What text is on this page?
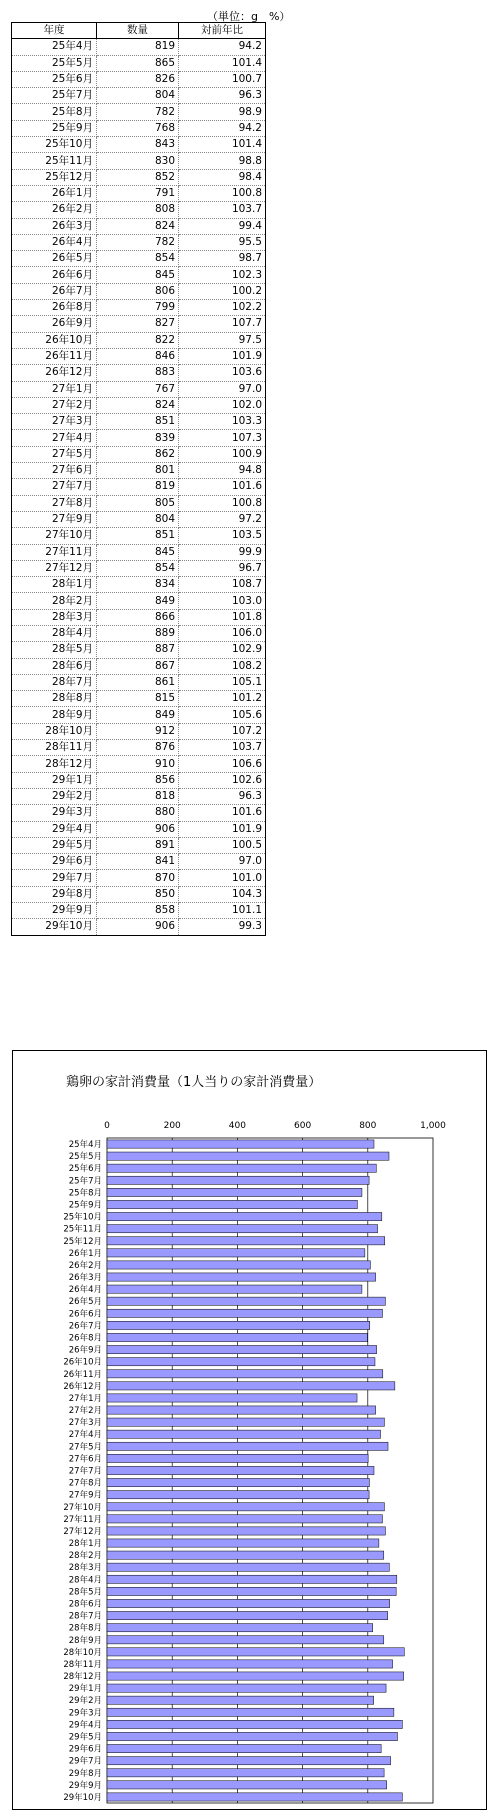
（単位：g　%）
年度	数量	対前年比
25年4月	819	94.2
25年5月	865	101.4
25年6月	826	100.7
25年7月	804	96.3
25年8月	782	98.9
25年9月	768	94.2
25年10月	843	101.4
25年11月	830	98.8
25年12月	852	98.4
26年1月	791	100.8
26年2月	808	103.7
26年3月	824	99.4
26年4月	782	95.5
26年5月	854	98.7
26年6月	845	102.3
26年7月	806	100.2
26年8月	799	102.2
26年9月	827	107.7
26年10月	822	97.5
26年11月	846	101.9
26年12月	883	103.6
27年1月	767	97.0
27年2月	824	102.0
27年3月	851	103.3
27年4月	839	107.3
27年5月	862	100.9
27年6月	801	94.8
27年7月	819	101.6
27年8月	805	100.8
27年9月	804	97.2
27年10月	851	103.5
27年11月	845	99.9
27年12月	854	96.7
28年1月	834	108.7
28年2月	849	103.0
28年3月	866	101.8
28年4月	889	106.0
28年5月	887	102.9
28年6月	867	108.2
28年7月	861	105.1
28年8月	815	101.2
28年9月	849	105.6
28年10月	912	107.2
28年11月	876	103.7
28年12月	910	106.6
29年1月	856	102.6
29年2月	818	96.3
29年3月	880	101.6
29年4月	906	101.9
29年5月	891	100.5
29年6月	841	97.0
29年7月	870	101.0
29年8月	850	104.3
29年9月	858	101.1
29年10月	906	99.3
鶏卵の家計消費量（1人当りの家計消費量）
0	200	400	600	800	1,000
25年4月
25年5月
25年6月
25年7月
25年8月
25年9月
25年10月
25年11月
25年12月
26年1月
26年2月
26年3月
26年4月
26年5月
26年6月
26年7月
26年8月
26年9月
26年10月
26年11月
26年12月
27年1月
27年2月
27年3月
27年4月
27年5月
27年6月
27年7月
27年8月
27年9月
27年10月
27年11月
27年12月
28年1月
28年2月
28年3月
28年4月
28年5月
28年6月
28年7月
28年8月
28年9月
28年10月
28年11月
28年12月
29年1月
29年2月
29年3月
29年4月
29年5月
29年6月
29年7月
29年8月
29年9月
29年10月
